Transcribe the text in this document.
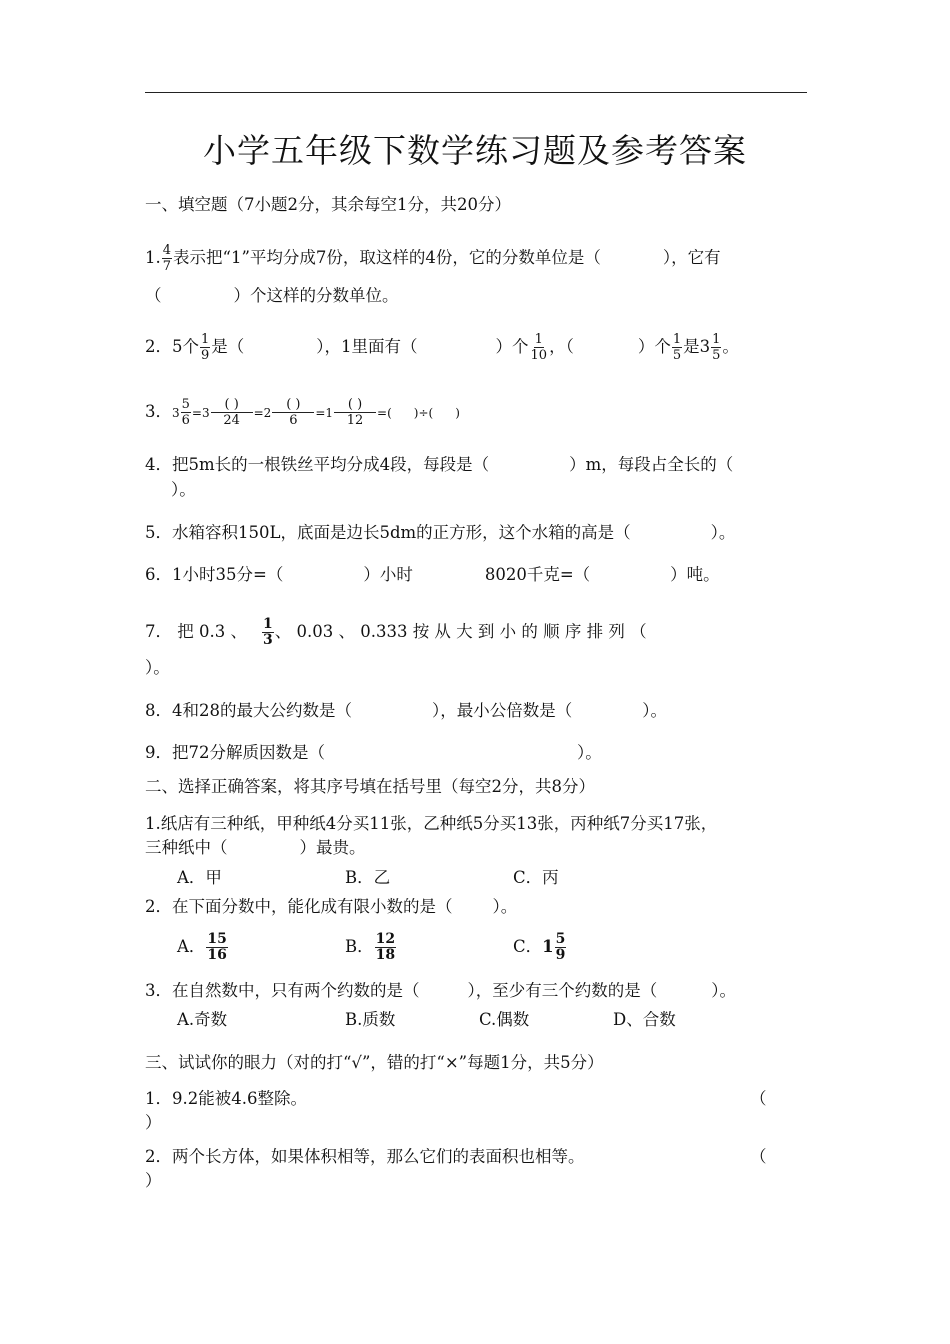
小学五年级下数学练习题及参考答案
一、填空题（7小题2分，其余每空1分，共20分）
1. $\frac{4}{7}$ 表示把“1”平均分成7份，取这样的4份，它的分数单位是（	），它有
（	）个这样的分数单位。
2．5个 $\frac{1}{9}$ 是（	），1里面有（	）个 $\frac{1}{10}$ ，（	）个 $\frac{1}{5}$ 是$3 \frac{1}{5}$ 。
3．$3 \frac{5}{6} =3 \frac{( )}{24} =2 \frac{( )}{6} =1 \frac{( )}{12}$ =( )÷( )
4．把5m长的一根铁丝平均分成4段，每段是（	）m，每段占全长的（
）。
5．水箱容积150L，底面是边长5dm的正方形，这个水箱的高是（	）。
6．1小时35分=（	）小时	8020千克=（	）吨。
7． 把 0.3 、 $\frac{1}{3}$ 、 0.03 、 0.333 按 从 大 到 小 的 顺 序 排 列 （
）。
8．4和28的最大公约数是（	），最小公倍数是（	）。
9．把72分解质因数是（	）。
二、选择正确答案，将其序号填在括号里（每空2分，共8分）
1.纸店有三种纸，甲种纸4分买11张，乙种纸5分买13张，丙种纸7分买17张，
三种纸中（	）最贵。
A．甲	B．乙	C．丙
2．在下面分数中，能化成有限小数的是（ ）。
A． $\frac{15}{16}$	B． $\frac{12}{18}$	C．$1 \frac{5}{9}$
3．在自然数中，只有两个约数的是（	），至少有三个约数的是（	）。
A.奇数	B.质数	C.偶数	D、合数
三、试试你的眼力（对的打“√”，错的打“×”每题1分，共5分）
1．9.2能被4.6整除。	（
）
2．两个长方体，如果体积相等，那么它们的表面积也相等。	（
）
